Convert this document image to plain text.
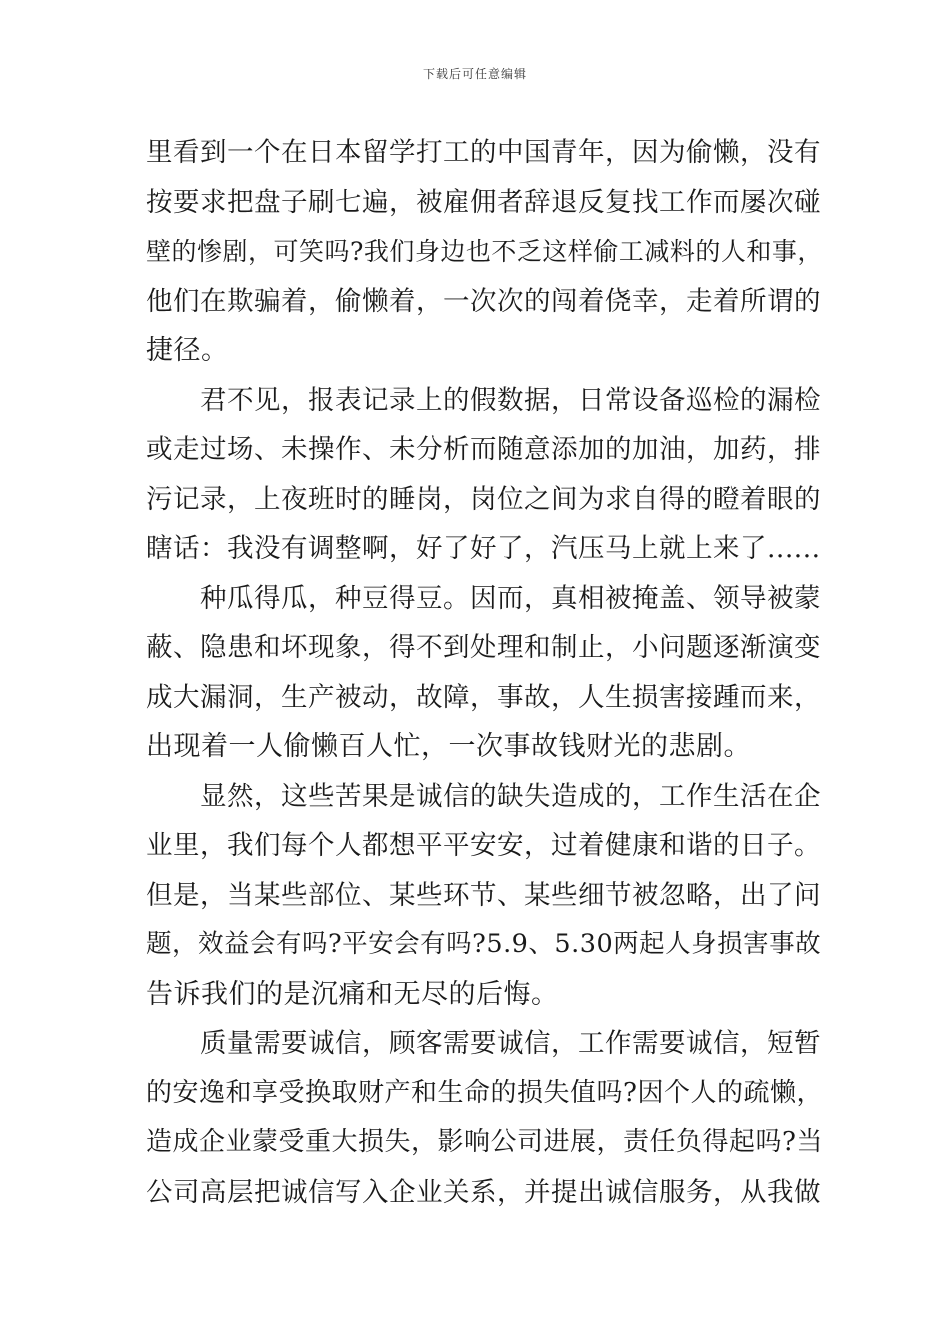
下载后可任意编辑
里看到一个在日本留学打工的中国青年，因为偷懒，没有
按要求把盘子刷七遍，被雇佣者辞退反复找工作而屡次碰
壁的惨剧，可笑吗?我们身边也不乏这样偷工减料的人和事，
他们在欺骗着，偷懒着，一次次的闯着侥幸，走着所谓的
捷径。
君不见，报表记录上的假数据，日常设备巡检的漏检
或走过场、未操作、未分析而随意添加的加油，加药，排
污记录，上夜班时的睡岗，岗位之间为求自得的瞪着眼的
瞎话：我没有调整啊，好了好了，汽压马上就上来了......
种瓜得瓜，种豆得豆。因而，真相被掩盖、领导被蒙
蔽、隐患和坏现象，得不到处理和制止，小问题逐渐演变
成大漏洞，生产被动，故障，事故，人生损害接踵而来，
出现着一人偷懒百人忙，一次事故钱财光的悲剧。
显然，这些苦果是诚信的缺失造成的，工作生活在企
业里，我们每个人都想平平安安，过着健康和谐的日子。
但是，当某些部位、某些环节、某些细节被忽略，出了问
题，效益会有吗?平安会有吗?5.9、5.30两起人身损害事故
告诉我们的是沉痛和无尽的后悔。
质量需要诚信，顾客需要诚信，工作需要诚信，短暂
的安逸和享受换取财产和生命的损失值吗?因个人的疏懒，
造成企业蒙受重大损失，影响公司进展，责任负得起吗?当
公司高层把诚信写入企业关系，并提出诚信服务，从我做
